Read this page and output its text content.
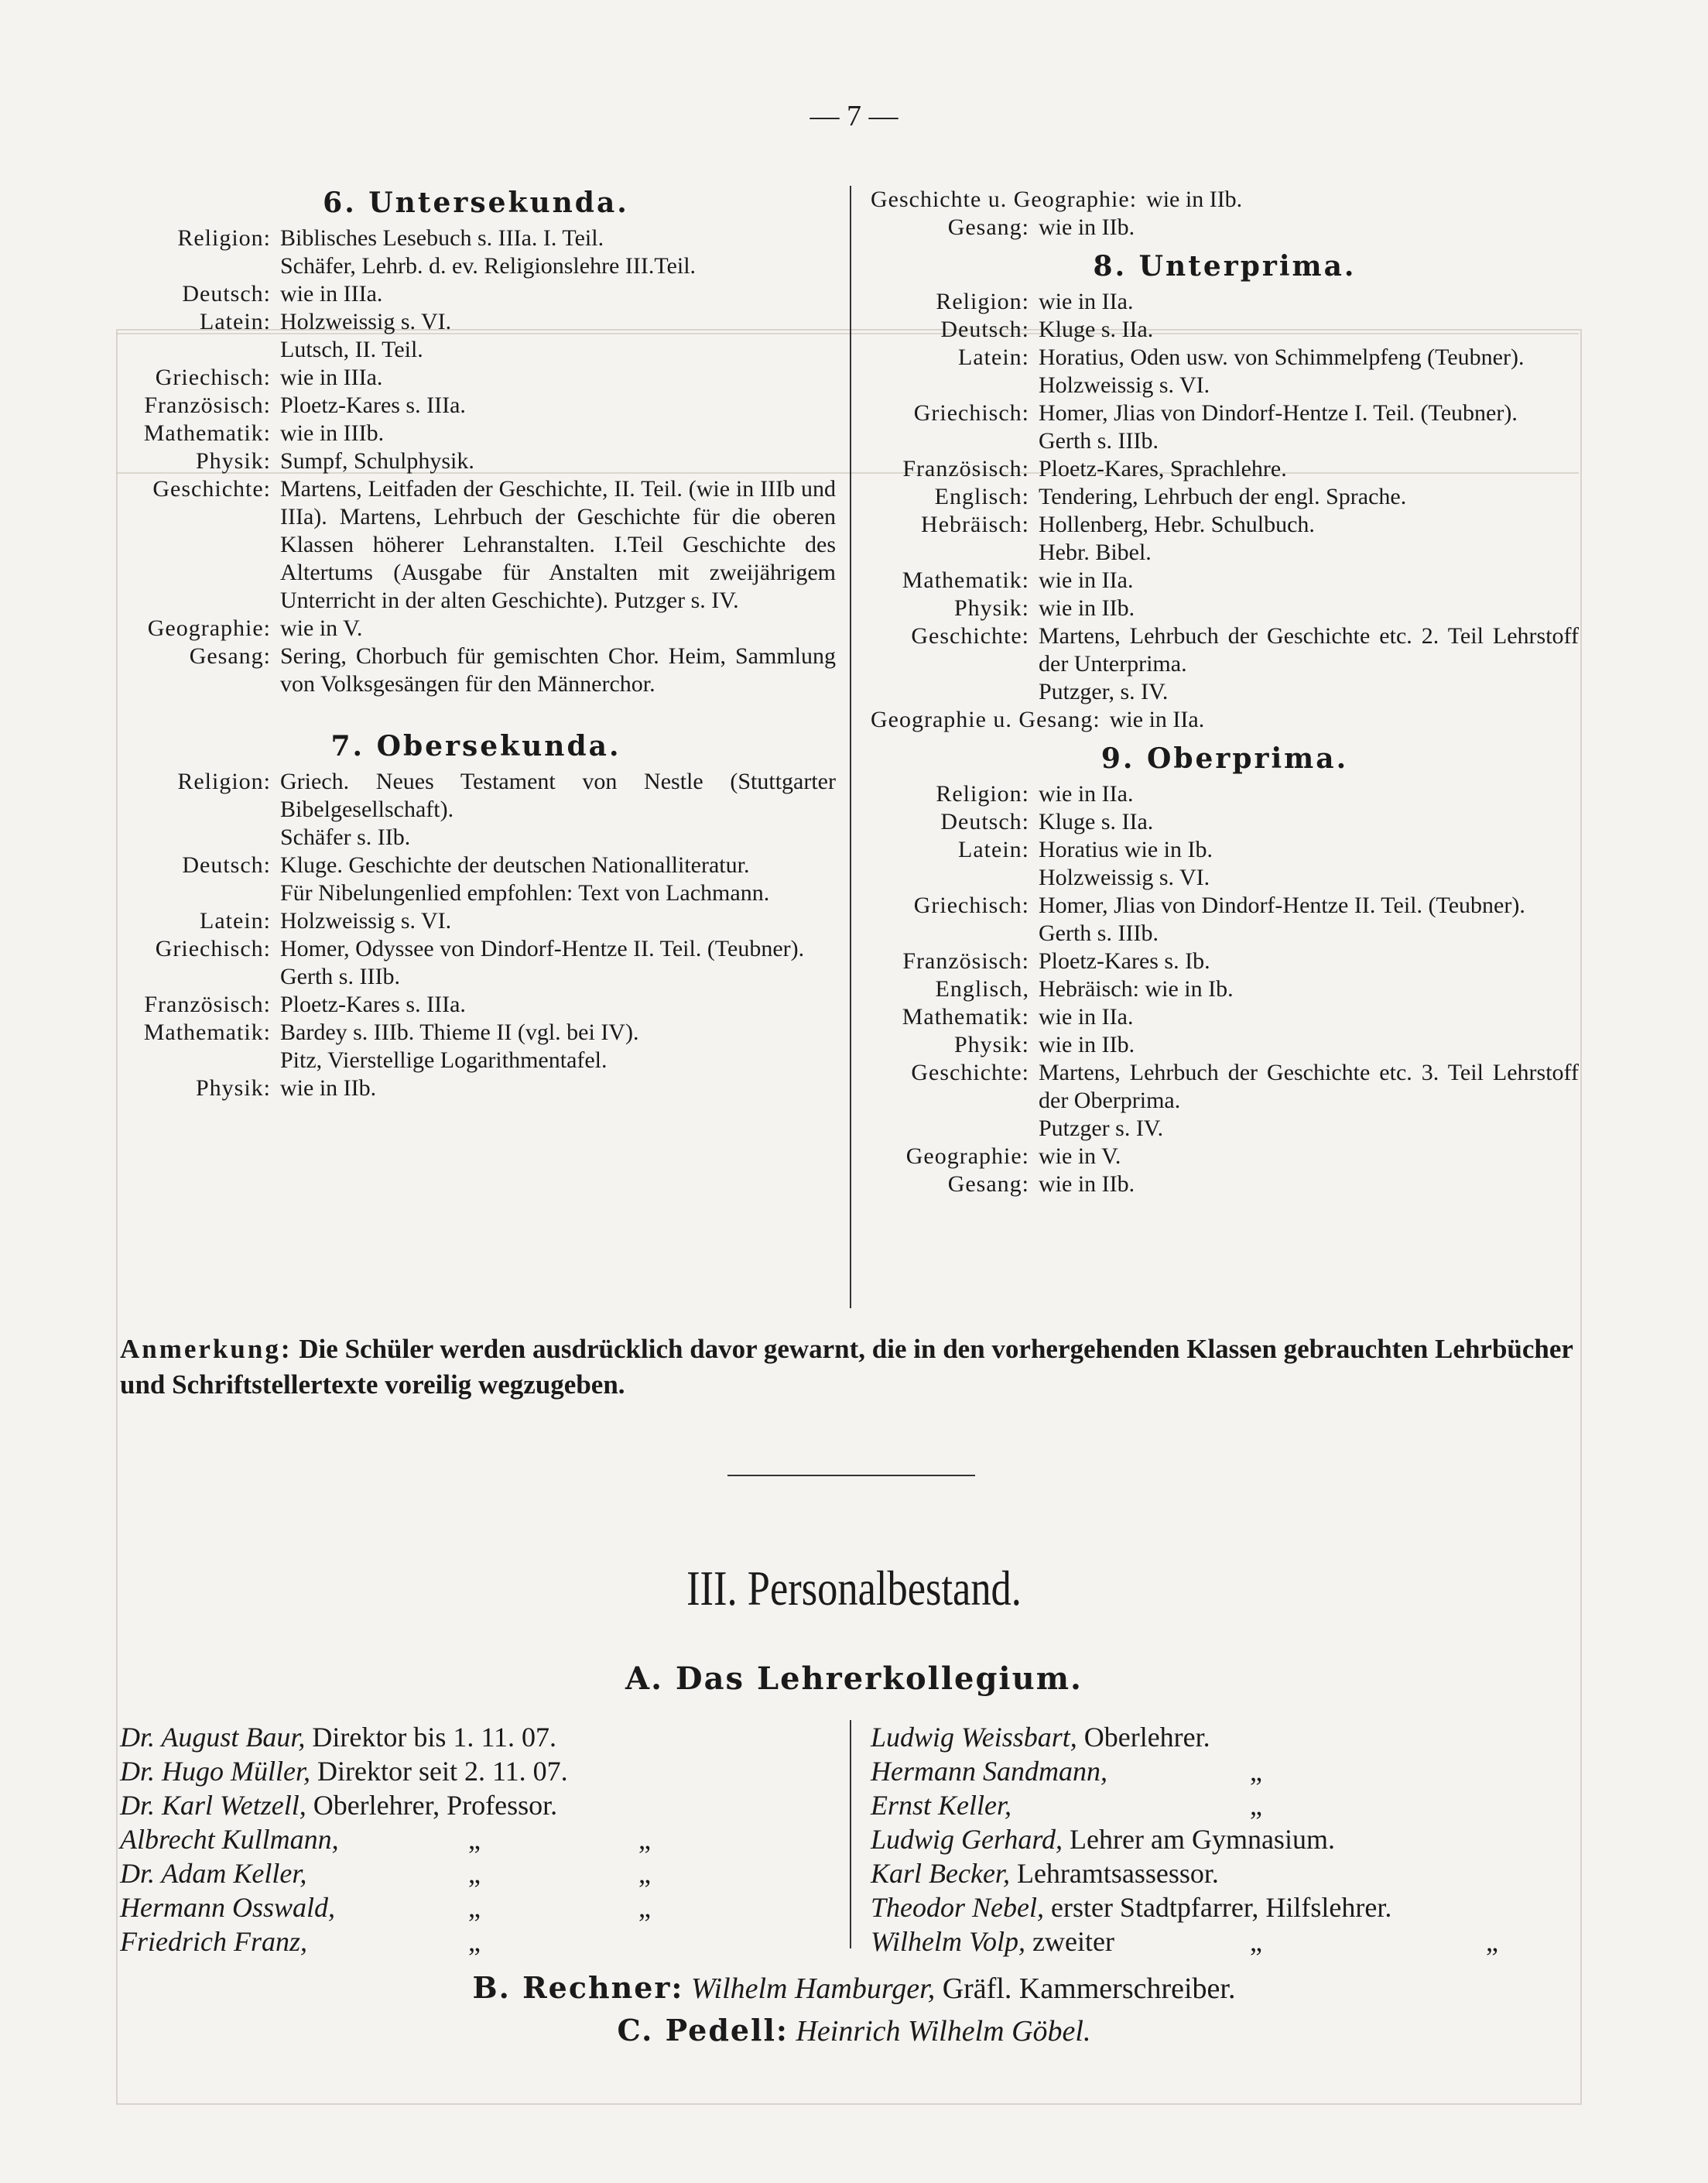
— 7 —
6. Untersekunda.
Religion: Biblisches Lesebuch s. IIIa. I. Teil.
Schäfer, Lehrb. d. ev. Religionslehre III.Teil.
Deutsch: wie in IIIa.
Latein: Holzweissig s. VI.
Lutsch, II. Teil.
Griechisch: wie in IIIa.
Französisch: Ploetz-Kares s. IIIa.
Mathematik: wie in IIIb.
Physik: Sumpf, Schulphysik.
Geschichte: Martens, Leitfaden der Geschichte, II. Teil. (wie in IIIb und IIIa). Martens, Lehrbuch der Geschichte für die oberen Klassen höherer Lehranstalten. I.Teil Geschichte des Altertums (Ausgabe für Anstalten mit zweijährigem Unterricht in der alten Geschichte). Putzger s. IV.
Geographie: wie in V.
Gesang: Sering, Chorbuch für gemischten Chor. Heim, Sammlung von Volksgesängen für den Männerchor.
7. Obersekunda.
Religion: Griech. Neues Testament von Nestle (Stuttgarter Bibelgesellschaft).
Schäfer s. IIb.
Deutsch: Kluge. Geschichte der deutschen Nationalliteratur.
Für Nibelungenlied empfohlen: Text von Lachmann.
Latein: Holzweissig s. VI.
Griechisch: Homer, Odyssee von Dindorf-Hentze II. Teil. (Teubner).
Gerth s. IIIb.
Französisch: Ploetz-Kares s. IIIa.
Mathematik: Bardey s. IIIb. Thieme II (vgl. bei IV).
Pitz, Vierstellige Logarithmentafel.
Physik: wie in IIb.
Geschichte u. Geographie: wie in IIb.
Gesang: wie in IIb.
8. Unterprima.
Religion: wie in IIa.
Deutsch: Kluge s. IIa.
Latein: Horatius, Oden usw. von Schimmelpfeng (Teubner).
Holzweissig s. VI.
Griechisch: Homer, Jlias von Dindorf-Hentze I. Teil. (Teubner).
Gerth s. IIIb.
Französisch: Ploetz-Kares, Sprachlehre.
Englisch: Tendering, Lehrbuch der engl. Sprache.
Hebräisch: Hollenberg, Hebr. Schulbuch.
Hebr. Bibel.
Mathematik: wie in IIa.
Physik: wie in IIb.
Geschichte: Martens, Lehrbuch der Geschichte etc. 2. Teil Lehrstoff der Unterprima.
Putzger, s. IV.
Geographie u. Gesang: wie in IIa.
9. Oberprima.
Religion: wie in IIa.
Deutsch: Kluge s. IIa.
Latein: Horatius wie in Ib.
Holzweissig s. VI.
Griechisch: Homer, Jlias von Dindorf-Hentze II. Teil. (Teubner).
Gerth s. IIIb.
Französisch: Ploetz-Kares s. Ib.
Englisch, Hebräisch: wie in Ib.
Mathematik: wie in IIa.
Physik: wie in IIb.
Geschichte: Martens, Lehrbuch der Geschichte etc. 3. Teil Lehrstoff der Oberprima.
Putzger s. IV.
Geographie: wie in V.
Gesang: wie in IIb.
Anmerkung: Die Schüler werden ausdrücklich davor gewarnt, die in den vorhergehenden Klassen gebrauchten Lehrbücher und Schriftstellertexte voreilig wegzugeben.
III. Personalbestand.
A. Das Lehrerkollegium.
Dr. August Baur, Direktor bis 1. 11. 07.
Dr. Hugo Müller, Direktor seit 2. 11. 07.
Dr. Karl Wetzell, Oberlehrer, Professor.
Albrecht Kullmann,	„	„
Dr. Adam Keller,	„	„
Hermann Osswald,	„	„
Friedrich Franz,	„
Ludwig Weissbart, Oberlehrer.
Hermann Sandmann,	„
Ernst Keller,	„
Ludwig Gerhard, Lehrer am Gymnasium.
Karl Becker, Lehramtsassessor.
Theodor Nebel, erster Stadtpfarrer, Hilfslehrer.
Wilhelm Volp, zweiter	„	„
B. Rechner: Wilhelm Hamburger, Gräfl. Kammerschreiber.
C. Pedell: Heinrich Wilhelm Göbel.
